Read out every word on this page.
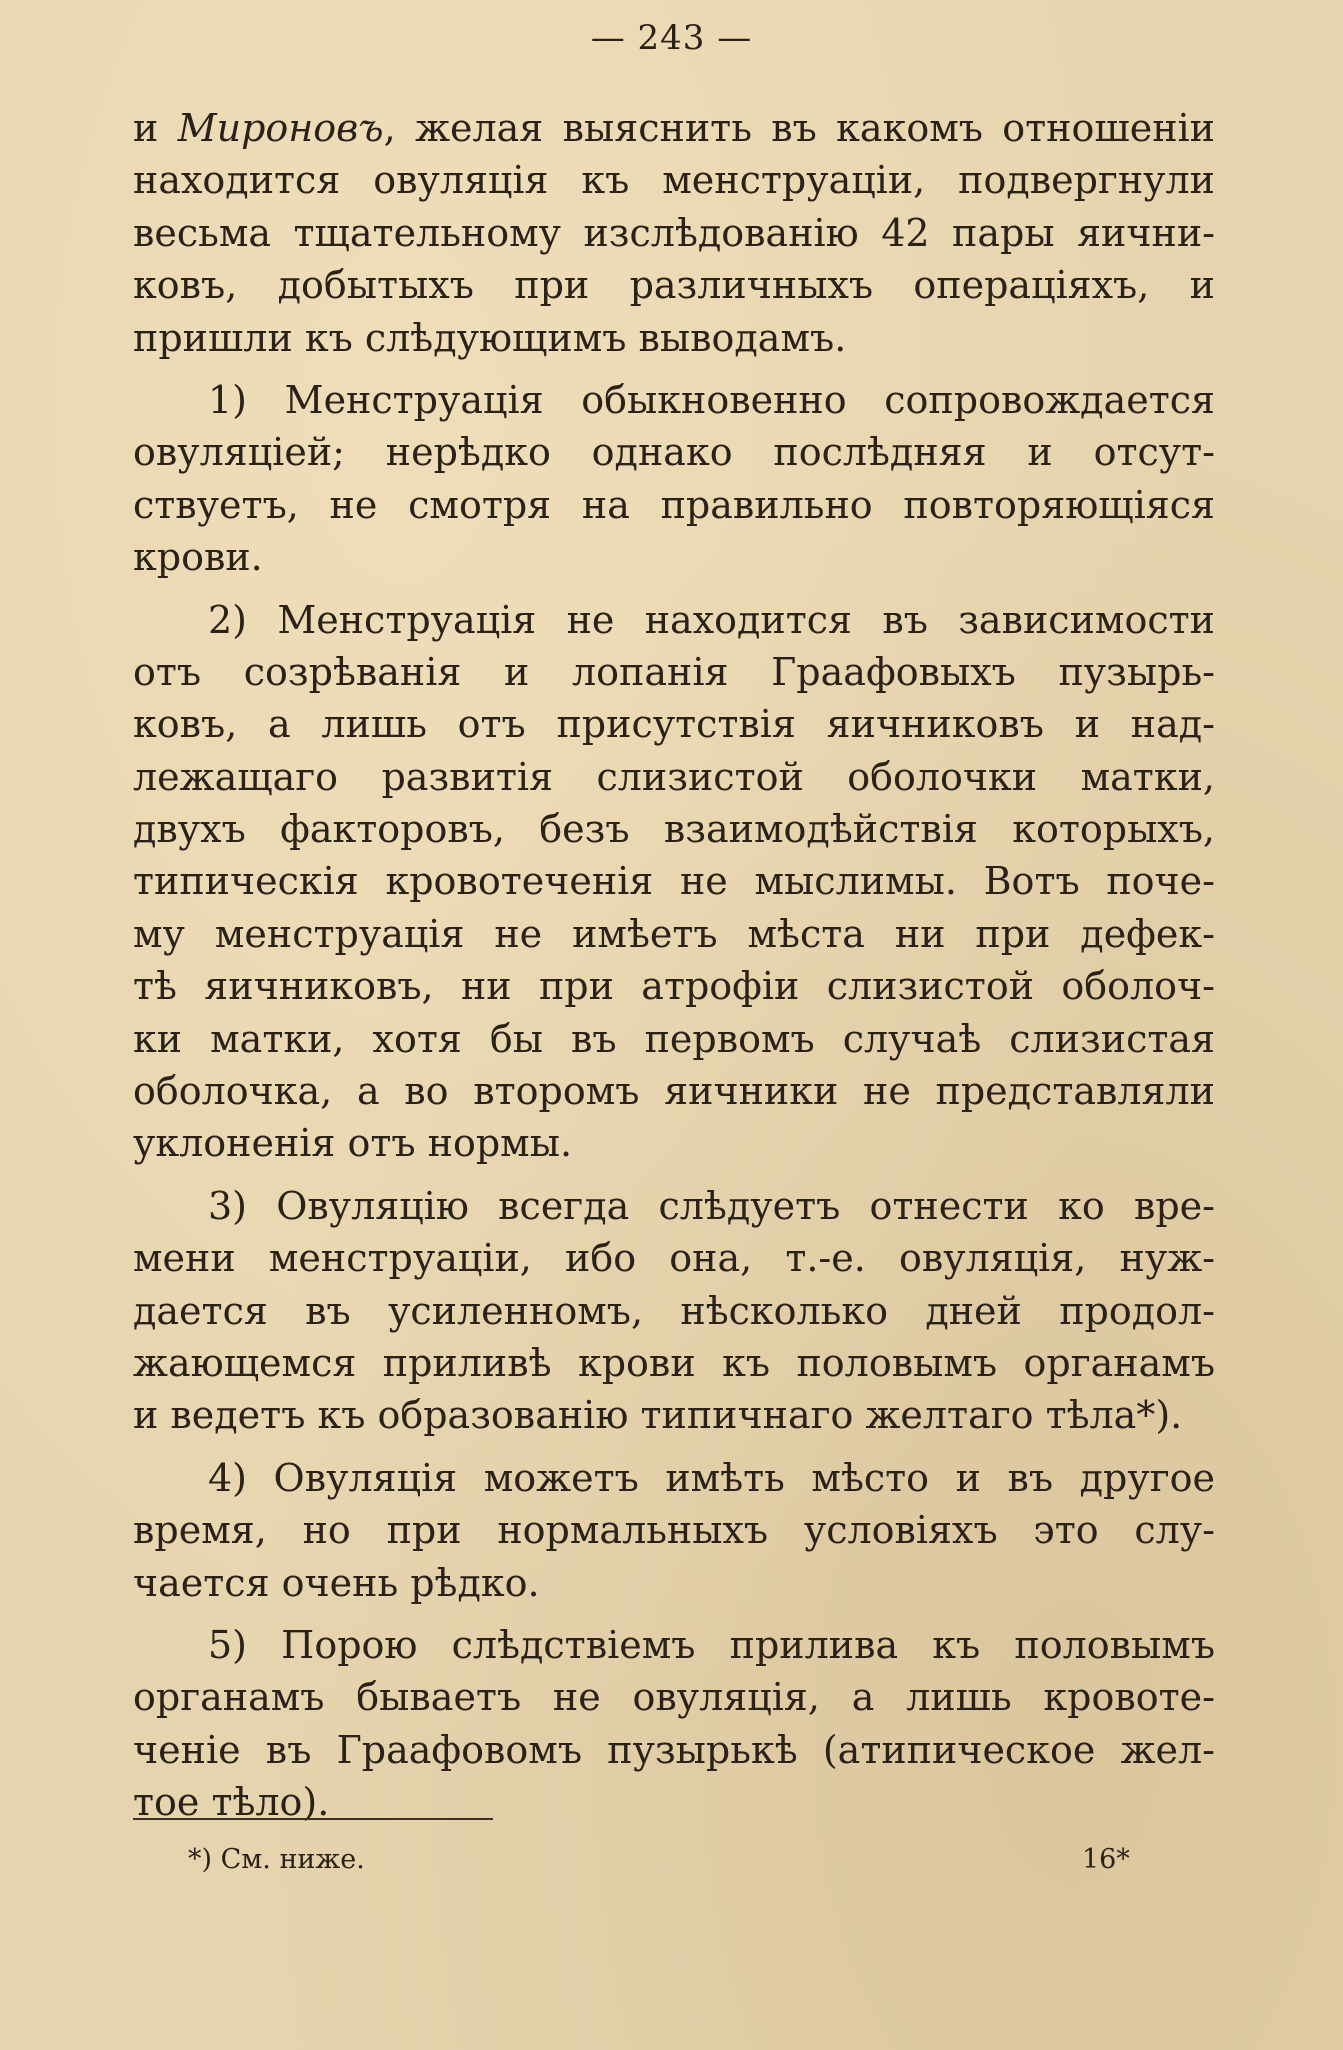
— 243 —
и Мироновъ, желая выяснить въ какомъ отношеніи
находится овуляція къ менструаціи, подвергнули
весьма тщательному изслѣдованію 42 пары яични-
ковъ, добытыхъ при различныхъ операціяхъ, и
пришли къ слѣдующимъ выводамъ.
1) Менструація обыкновенно сопровождается
овуляціей; нерѣдко однако послѣдняя и отсут-
ствуетъ, не смотря на правильно повторяющіяся
крови.
2) Менструація не находится въ зависимости
отъ созрѣванія и лопанія Граафовыхъ пузырь-
ковъ, а лишь отъ присутствія яичниковъ и над-
лежащаго развитія слизистой оболочки матки,
двухъ факторовъ, безъ взаимодѣйствія которыхъ,
типическія кровотеченія не мыслимы. Вотъ поче-
му менструація не имѣетъ мѣста ни при дефек-
тѣ яичниковъ, ни при атрофіи слизистой оболоч-
ки матки, хотя бы въ первомъ случаѣ слизистая
оболочка, а во второмъ яичники не представляли
уклоненія отъ нормы.
3) Овуляцію всегда слѣдуетъ отнести ко вре-
мени менструаціи, ибо она, т.-е. овуляція, нуж-
дается въ усиленномъ, нѣсколько дней продол-
жающемся приливѣ крови къ половымъ органамъ
и ведетъ къ образованію типичнаго желтаго тѣла*).
4) Овуляція можетъ имѣть мѣсто и въ другое
время, но при нормальныхъ условіяхъ это слу-
чается очень рѣдко.
5) Порою слѣдствіемъ прилива къ половымъ
органамъ бываетъ не овуляція, а лишь кровоте-
ченіе въ Граафовомъ пузырькѣ (атипическое жел-
тое тѣло).
*) См. ниже.	16*
